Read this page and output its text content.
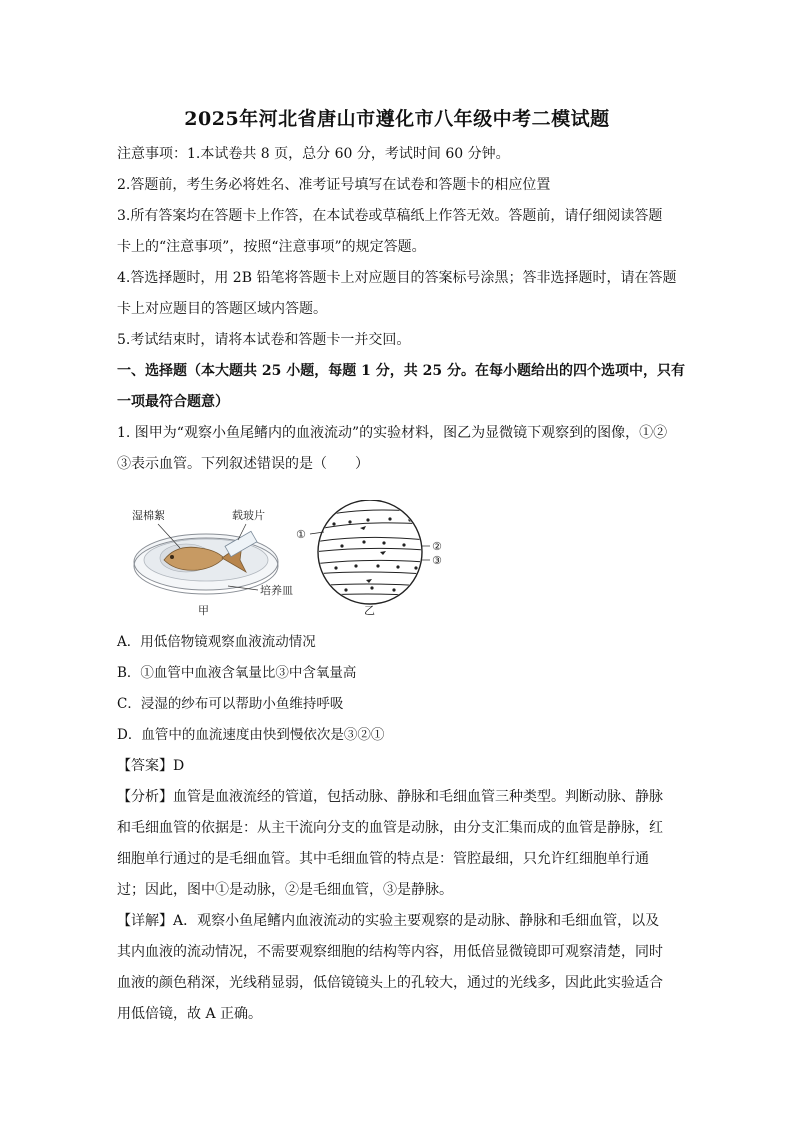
2025年河北省唐山市遵化市八年级中考二模试题
注意事项：1.本试卷共 8 页，总分 60 分，考试时间 60 分钟。
2.答题前，考生务必将姓名、准考证号填写在试卷和答题卡的相应位置
3.所有答案均在答题卡上作答，在本试卷或草稿纸上作答无效。答题前，请仔细阅读答题
卡上的“注意事项”，按照“注意事项”的规定答题。
4.答选择题时，用 2B 铅笔将答题卡上对应题目的答案标号涂黑；答非选择题时，请在答题
卡上对应题目的答题区域内答题。
5.考试结束时，请将本试卷和答题卡一并交回。
一、选择题（本大题共 25 小题，每题 1 分，共 25 分。在每小题给出的四个选项中，只有
一项最符合题意）
1. 图甲为“观察小鱼尾鳍内的血液流动”的实验材料，图乙为显微镜下观察到的图像，①②
③表示血管。下列叙述错误的是（　　）
湿棉絮	载玻片
培养皿
甲
①
②
③
乙
A．用低倍物镜观察血液流动情况
B．①血管中血液含氧量比③中含氧量高
C．浸湿的纱布可以帮助小鱼维持呼吸
D．血管中的血流速度由快到慢依次是③②①
【答案】D
【分析】血管是血液流经的管道，包括动脉、静脉和毛细血管三种类型。判断动脉、静脉
和毛细血管的依据是：从主干流向分支的血管是动脉，由分支汇集而成的血管是静脉，红
细胞单行通过的是毛细血管。其中毛细血管的特点是：管腔最细，只允许红细胞单行通
过；因此，图中①是动脉，②是毛细血管，③是静脉。
【详解】A．观察小鱼尾鳍内血液流动的实验主要观察的是动脉、静脉和毛细血管，以及
其内血液的流动情况，不需要观察细胞的结构等内容，用低倍显微镜即可观察清楚，同时
血液的颜色稍深，光线稍显弱，低倍镜镜头上的孔较大，通过的光线多，因此此实验适合
用低倍镜，故 A 正确。
